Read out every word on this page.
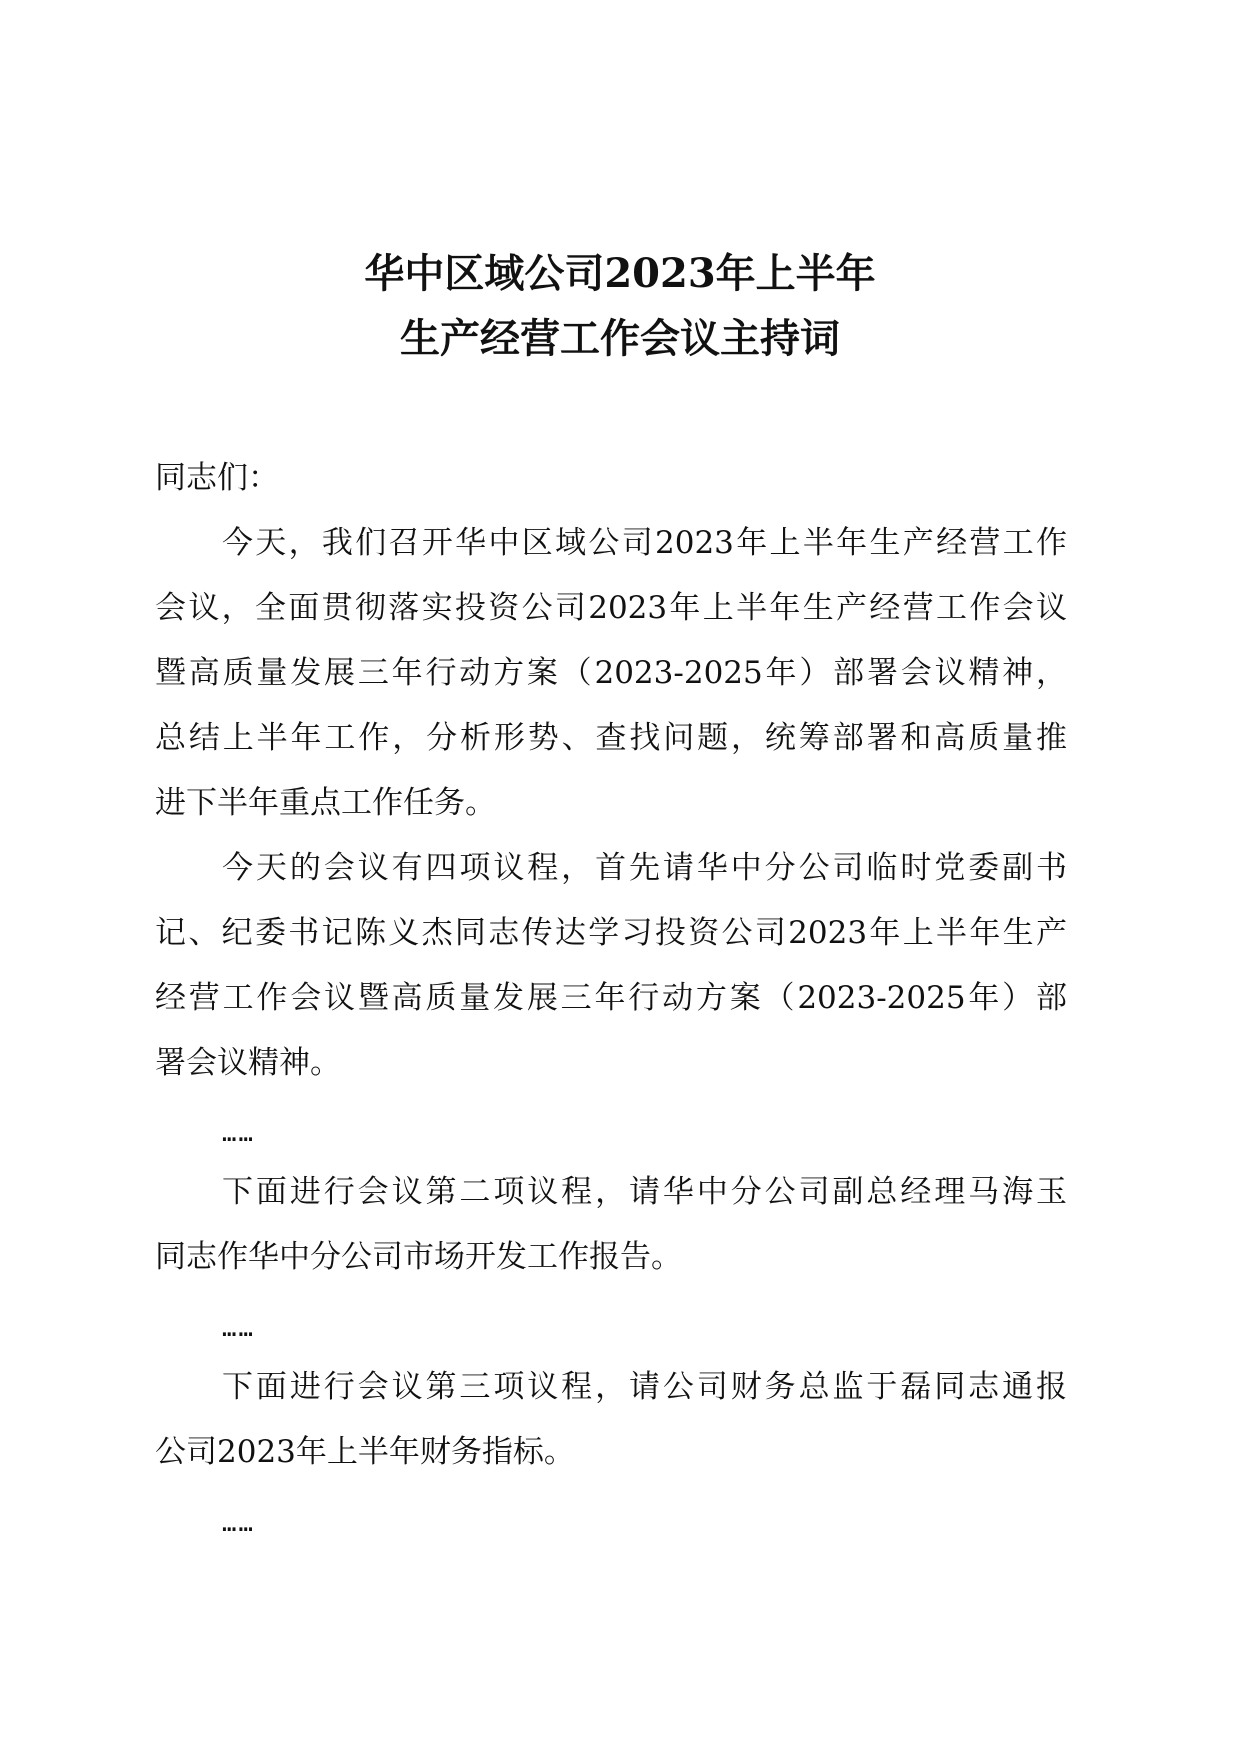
华中区域公司2023年上半年
生产经营工作会议主持词
同志们：
今天，我们召开华中区域公司2023年上半年生产经营工作
会议，全面贯彻落实投资公司2023年上半年生产经营工作会议
暨高质量发展三年行动方案（2023-2025年）部署会议精神，
总结上半年工作，分析形势、查找问题，统筹部署和高质量推
进下半年重点工作任务。
今天的会议有四项议程，首先请华中分公司临时党委副书
记、纪委书记陈义杰同志传达学习投资公司2023年上半年生产
经营工作会议暨高质量发展三年行动方案（2023-2025年）部
署会议精神。
……
下面进行会议第二项议程，请华中分公司副总经理马海玉
同志作华中分公司市场开发工作报告。
……
下面进行会议第三项议程，请公司财务总监于磊同志通报
公司2023年上半年财务指标。
……
